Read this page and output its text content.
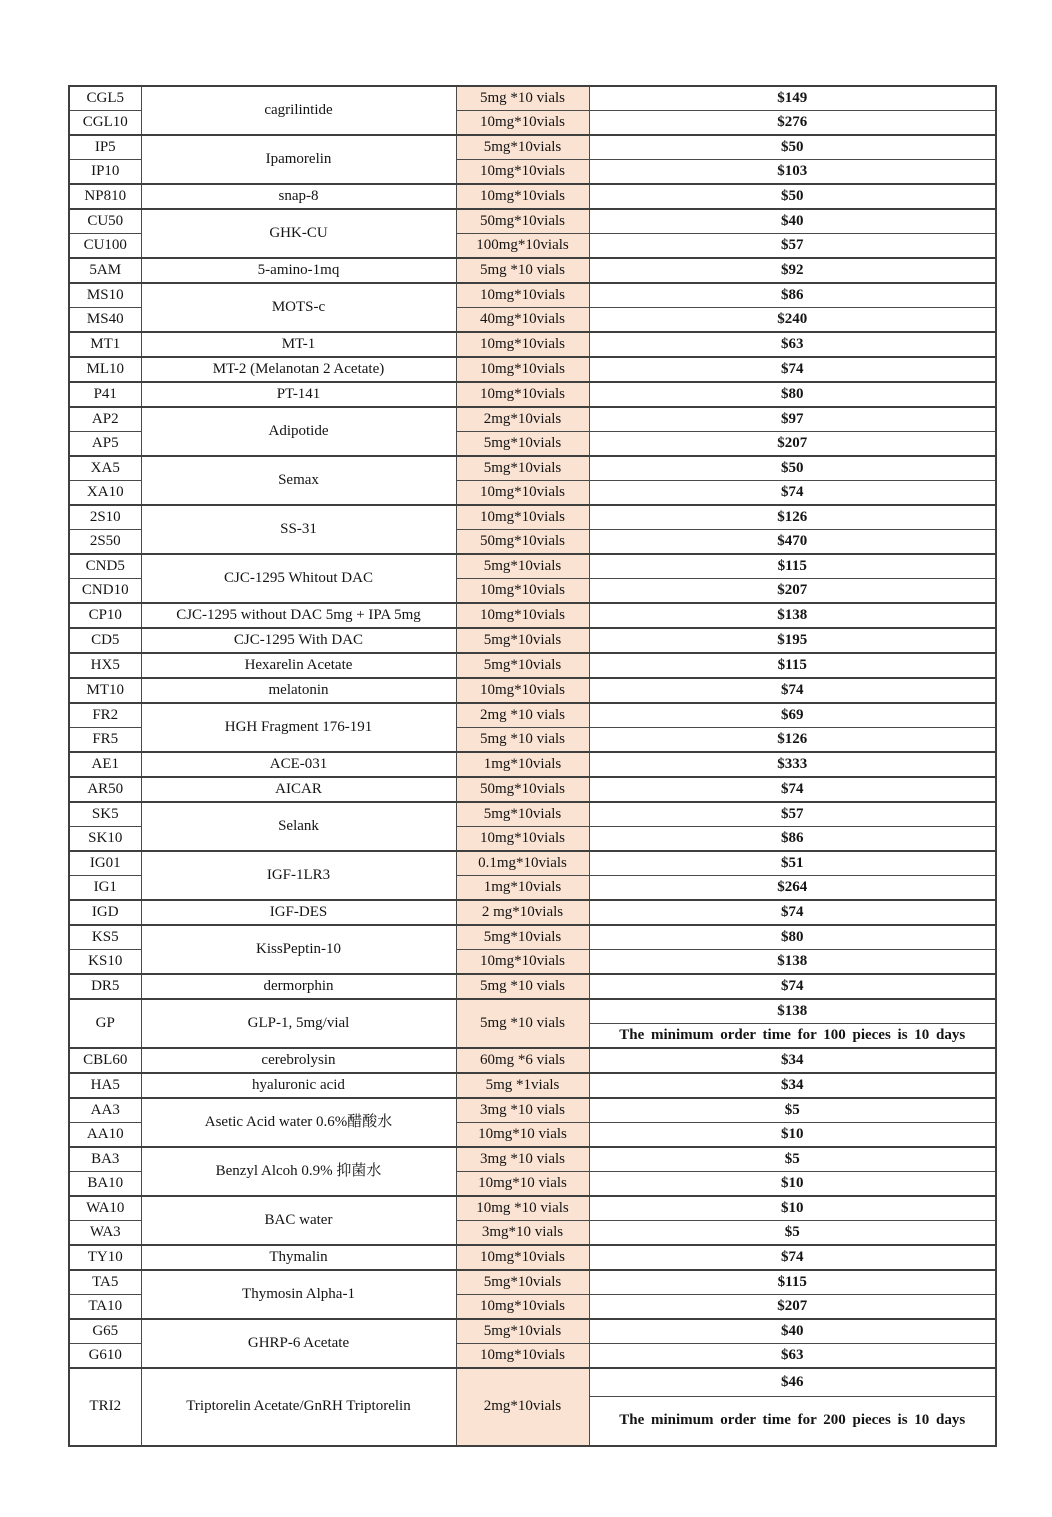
CGL5	cagrilintide	5mg *10 vials	$149
CGL10		10mg*10vials	$276
IP5	Ipamorelin	5mg*10vials	$50
IP10		10mg*10vials	$103
NP810	snap-8	10mg*10vials	$50
CU50	GHK-CU	50mg*10vials	$40
CU100		100mg*10vials	$57
5AM	5-amino-1mq	5mg *10 vials	$92
MS10	MOTS-c	10mg*10vials	$86
MS40		40mg*10vials	$240
MT1	MT-1	10mg*10vials	$63
ML10	MT-2 (Melanotan 2 Acetate)	10mg*10vials	$74
P41	PT-141	10mg*10vials	$80
AP2	Adipotide	2mg*10vials	$97
AP5		5mg*10vials	$207
XA5	Semax	5mg*10vials	$50
XA10		10mg*10vials	$74
2S10	SS-31	10mg*10vials	$126
2S50		50mg*10vials	$470
CND5	CJC-1295 Whitout DAC	5mg*10vials	$115
CND10		10mg*10vials	$207
CP10	CJC-1295 without DAC 5mg + IPA 5mg	10mg*10vials	$138
CD5	CJC-1295 With DAC	5mg*10vials	$195
HX5	Hexarelin Acetate	5mg*10vials	$115
MT10	melatonin	10mg*10vials	$74
FR2	HGH Fragment 176-191	2mg *10 vials	$69
FR5		5mg *10 vials	$126
AE1	ACE-031	1mg*10vials	$333
AR50	AICAR	50mg*10vials	$74
SK5	Selank	5mg*10vials	$57
SK10		10mg*10vials	$86
IG01	IGF-1LR3	0.1mg*10vials	$51
IG1		1mg*10vials	$264
IGD	IGF-DES	2 mg*10vials	$74
KS5	KissPeptin-10	5mg*10vials	$80
KS10		10mg*10vials	$138
DR5	dermorphin	5mg *10 vials	$74
GP	GLP-1, 5mg/vial	5mg *10 vials	$138
			The minimum order time for 100 pieces is 10 days
CBL60	cerebrolysin	60mg *6 vials	$34
HA5	hyaluronic acid	5mg *1vials	$34
AA3	Asetic Acid water 0.6%醋酸水	3mg *10 vials	$5
AA10		10mg*10 vials	$10
BA3	Benzyl Alcoh 0.9% 抑菌水	3mg *10 vials	$5
BA10		10mg*10 vials	$10
WA10	BAC water	10mg *10 vials	$10
WA3		3mg*10 vials	$5
TY10	Thymalin	10mg*10vials	$74
TA5	Thymosin Alpha-1	5mg*10vials	$115
TA10		10mg*10vials	$207
G65	GHRP-6 Acetate	5mg*10vials	$40
G610		10mg*10vials	$63
TRI2	Triptorelin Acetate/GnRH Triptorelin	2mg*10vials	$46
			The minimum order time for 200 pieces is 10 days
